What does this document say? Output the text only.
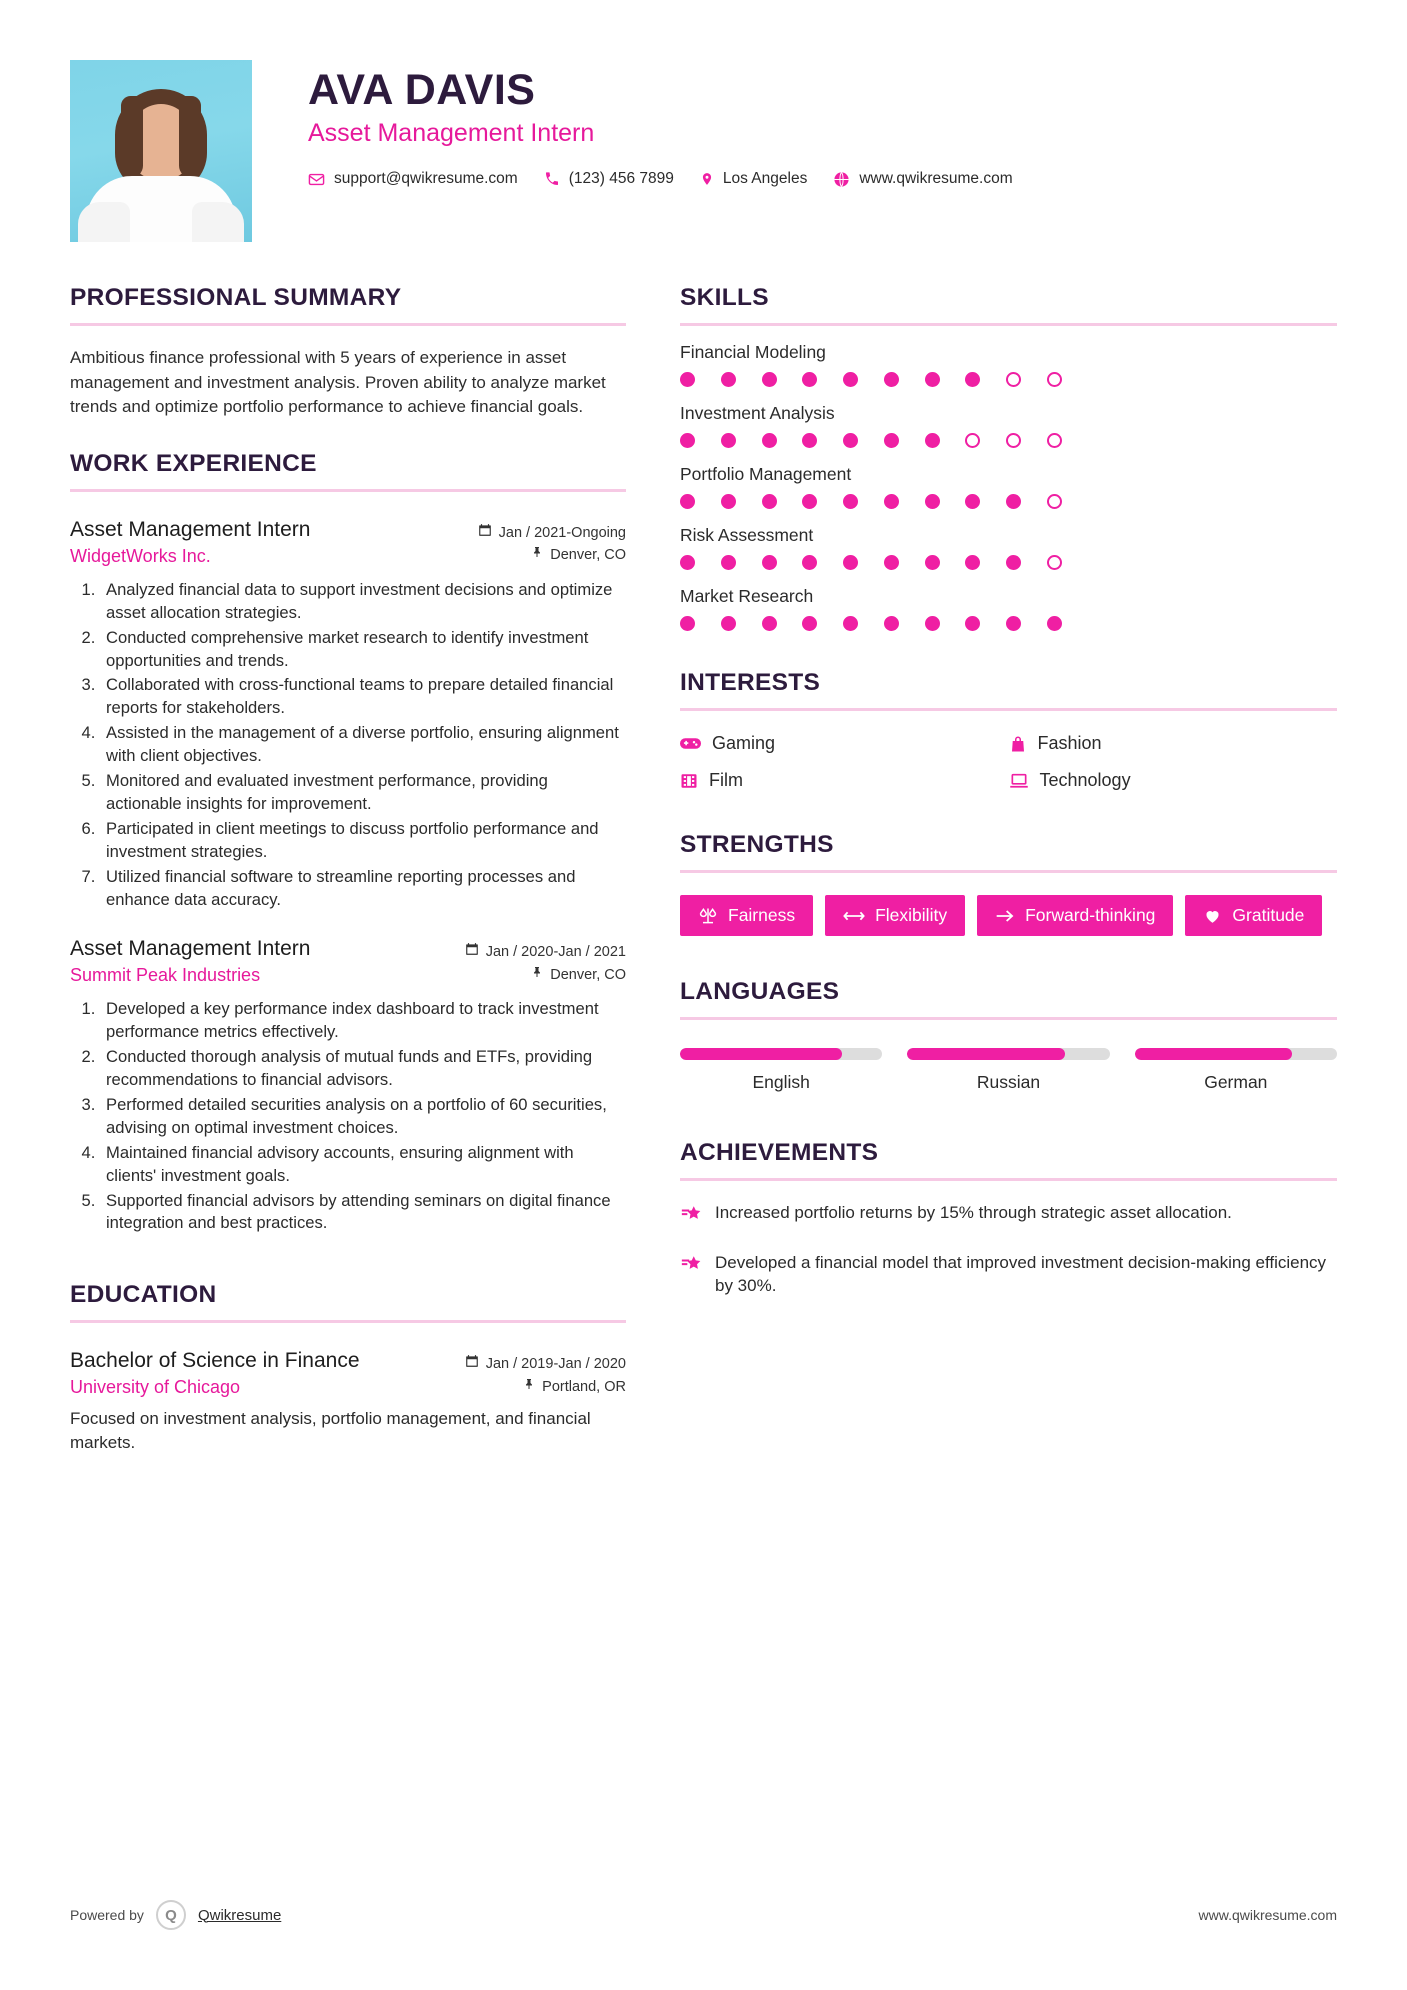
AVA DAVIS
Asset Management Intern
support@qwikresume.com	(123) 456 7899	Los Angeles	www.qwikresume.com
PROFESSIONAL SUMMARY
Ambitious finance professional with 5 years of experience in asset management and investment analysis. Proven ability to analyze market trends and optimize portfolio performance to achieve financial goals.
WORK EXPERIENCE
Asset Management Intern
WidgetWorks Inc.
Jan / 2021-Ongoing
Denver, CO
1. Analyzed financial data to support investment decisions and optimize asset allocation strategies.
2. Conducted comprehensive market research to identify investment opportunities and trends.
3. Collaborated with cross-functional teams to prepare detailed financial reports for stakeholders.
4. Assisted in the management of a diverse portfolio, ensuring alignment with client objectives.
5. Monitored and evaluated investment performance, providing actionable insights for improvement.
6. Participated in client meetings to discuss portfolio performance and investment strategies.
7. Utilized financial software to streamline reporting processes and enhance data accuracy.
Asset Management Intern
Summit Peak Industries
Jan / 2020-Jan / 2021
Denver, CO
1. Developed a key performance index dashboard to track investment performance metrics effectively.
2. Conducted thorough analysis of mutual funds and ETFs, providing recommendations to financial advisors.
3. Performed detailed securities analysis on a portfolio of 60 securities, advising on optimal investment choices.
4. Maintained financial advisory accounts, ensuring alignment with clients' investment goals.
5. Supported financial advisors by attending seminars on digital finance integration and best practices.
EDUCATION
Bachelor of Science in Finance
University of Chicago
Jan / 2019-Jan / 2020
Portland, OR
Focused on investment analysis, portfolio management, and financial markets.
SKILLS
Financial Modeling
Investment Analysis
Portfolio Management
Risk Assessment
Market Research
INTERESTS
Gaming	Fashion
Film	Technology
STRENGTHS
Fairness	Flexibility	Forward-thinking	Gratitude
LANGUAGES
English	Russian	German
ACHIEVEMENTS
Increased portfolio returns by 15% through strategic asset allocation.
Developed a financial model that improved investment decision-making efficiency by 30%.
Powered by	Q	Qwikresume	www.qwikresume.com
